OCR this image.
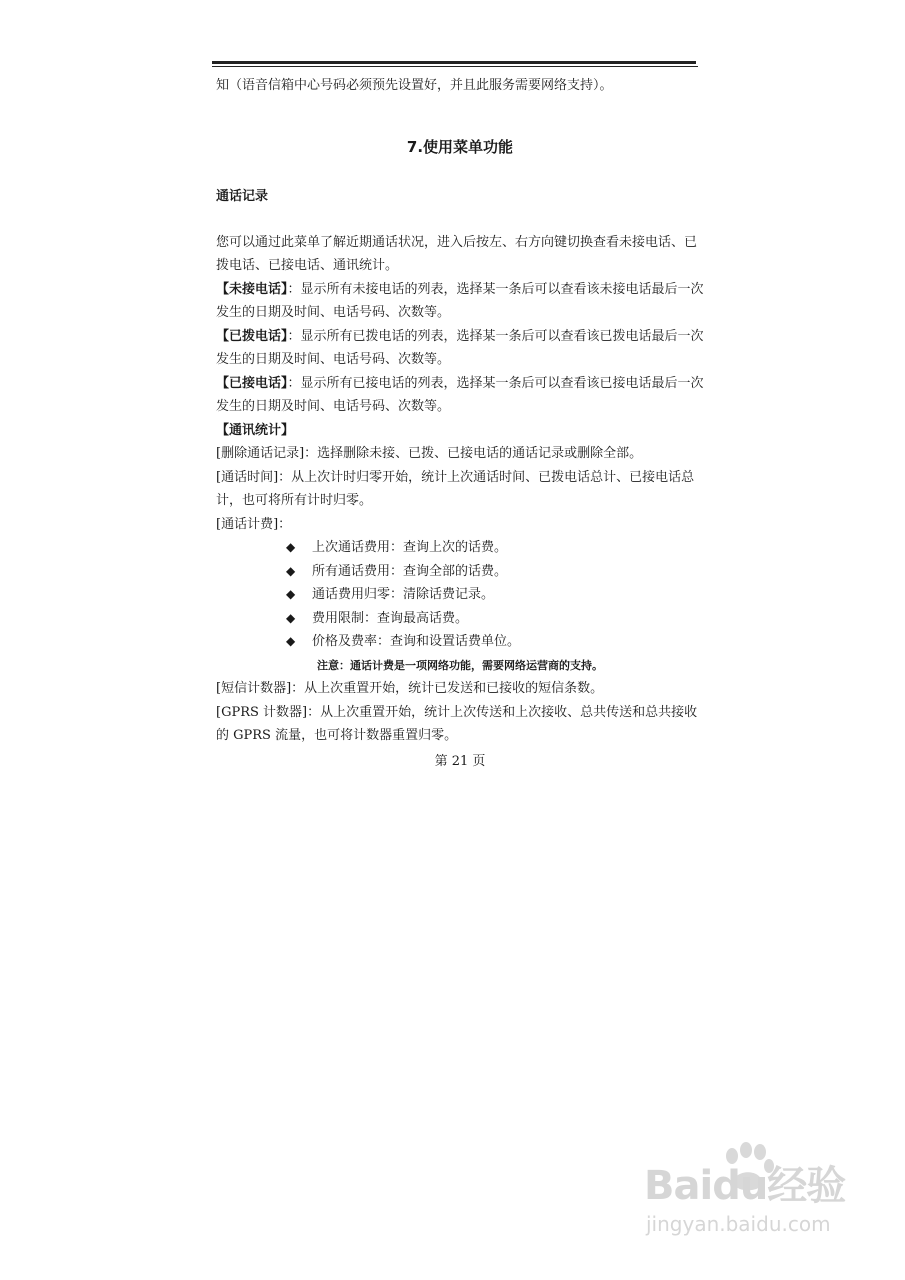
知（语音信箱中心号码必须预先设置好，并且此服务需要网络支持）。

7.使用菜单功能

通话记录

您可以通过此菜单了解近期通话状况，进入后按左、右方向键切换查看未接电话、已拨电话、已接电话、通讯统计。

【未接电话】：显示所有未接电话的列表，选择某一条后可以查看该未接电话最后一次发生的日期及时间、电话号码、次数等。

【已拨电话】：显示所有已拨电话的列表，选择某一条后可以查看该已拨电话最后一次发生的日期及时间、电话号码、次数等。

【已接电话】：显示所有已接电话的列表，选择某一条后可以查看该已接电话最后一次发生的日期及时间、电话号码、次数等。

【通讯统计】

[删除通话记录]：选择删除未接、已拨、已接电话的通话记录或删除全部。

[通话时间]：从上次计时归零开始，统计上次通话时间、已拨电话总计、已接电话总计，也可将所有计时归零。

[通话计费]：

◆	上次通话费用：查询上次的话费。
◆	所有通话费用：查询全部的话费。
◆	通话费用归零：清除话费记录。
◆	费用限制：查询最高话费。
◆	价格及费率：查询和设置话费单位。

注意：通话计费是一项网络功能，需要网络运营商的支持。

[短信计数器]：从上次重置开始，统计已发送和已接收的短信条数。

[GPRS 计数器]：从上次重置开始，统计上次传送和上次接收、总共传送和总共接收的 GPRS 流量，也可将计数器重置归零。

第 21 页

Baidu经验
jingyan.baidu.com
